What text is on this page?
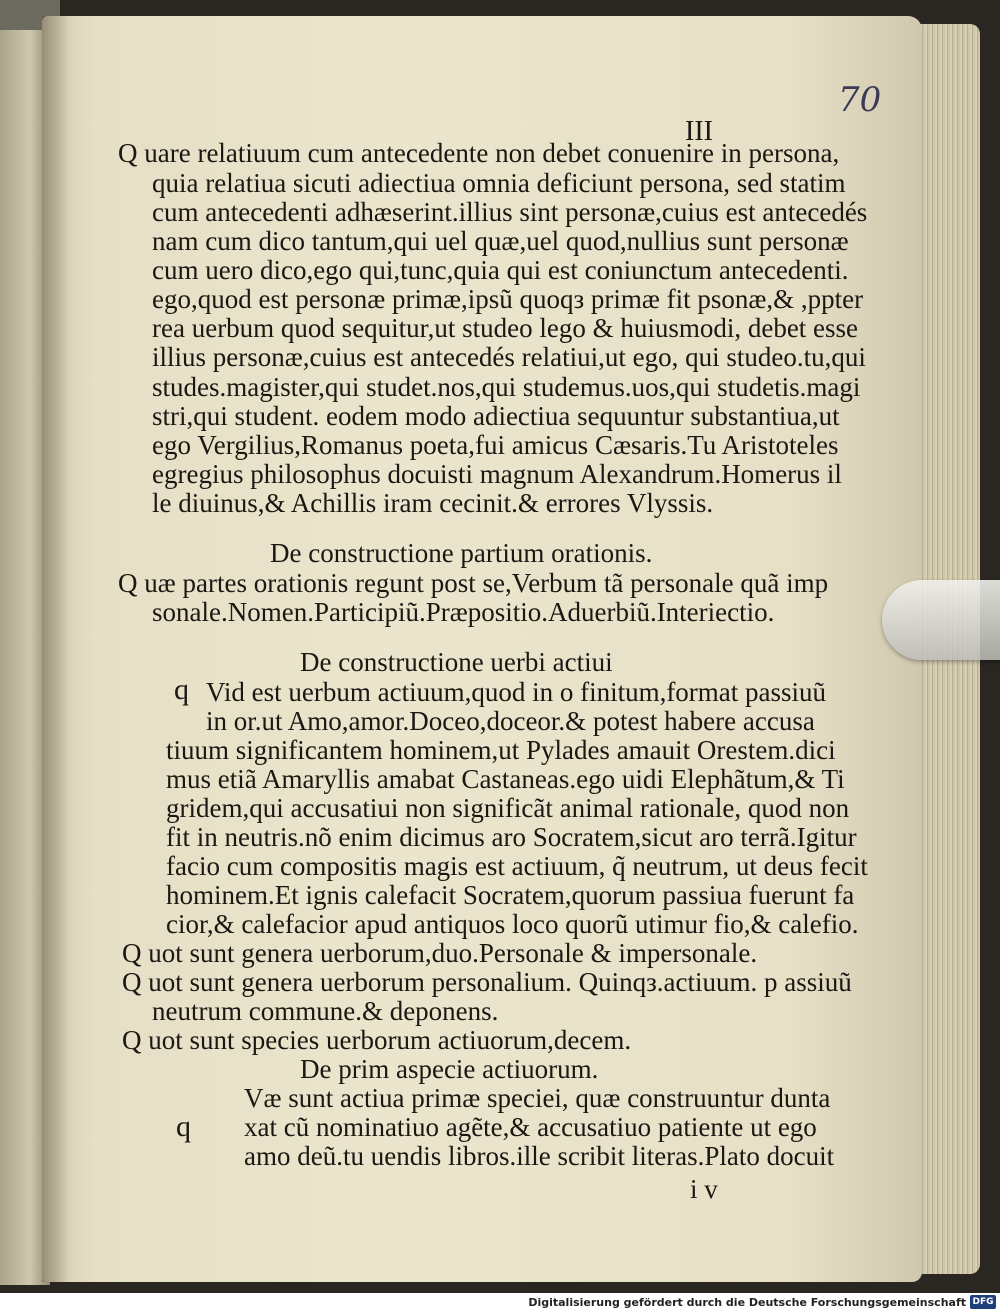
70
III
Q uare relatiuum cum antecedente non debet conuenire in persona,
quia relatiua sicuti adiectiua omnia deficiunt persona, sed statim
cum antecedenti adhæserint.illius sint personæ,cuius est antecedés
nam cum dico tantum,qui uel quæ,uel quod,nullius sunt personæ
cum uero dico,ego qui,tunc,quia qui est coniunctum antecedenti.
ego,quod est personæ primæ,ipsũ quoqз primæ fit psonæ,& ,ppter
rea uerbum quod sequitur,ut studeo lego & huiusmodi, debet esse
illius personæ,cuius est antecedés relatiui,ut ego, qui studeo.tu,qui
studes.magister,qui studet.nos,qui studemus.uos,qui studetis.magi
stri,qui student. eodem modo adiectiua sequuntur substantiua,ut
ego Vergilius,Romanus poeta,fui amicus Cæsaris.Tu Aristoteles
egregius philosophus docuisti magnum Alexandrum.Homerus il
le diuinus,& Achillis iram cecinit.& errores Vlyssis.
De constructione partium orationis.
Q uæ partes orationis regunt post se,Verbum tã personale quã imp
sonale.Nomen.Participiũ.Præpositio.Aduerbiũ.Interiectio.
De constructione uerbi actiui
q Vid est uerbum actiuum,quod in o finitum,format passiuũ
in or.ut Amo,amor.Doceo,doceor.& potest habere accusa
tiuum significantem hominem,ut Pylades amauit Orestem.dici
mus etiã Amaryllis amabat Castaneas.ego uidi Elephãtum,& Ti
gridem,qui accusatiui non significãt animal rationale, quod non
fit in neutris.nõ enim dicimus aro Socratem,sicut aro terrã.Igitur
facio cum compositis magis est actiuum, q̃ neutrum, ut deus fecit
hominem.Et ignis calefacit Socratem,quorum passiua fuerunt fa
cior,& calefacior apud antiquos loco quorũ utimur fio,& calefio.
Q uot sunt genera uerborum,duo.Personale & impersonale.
Q uot sunt genera uerborum personalium. Quinqз.actiuum. p assiuũ
neutrum commune.& deponens.
Q uot sunt species uerborum actiuorum,decem.
De prim aspecie actiuorum.
Væ sunt actiua primæ speciei, quæ construuntur dunta
q xat cũ nominatiuo agẽte,& accusatiuo patiente ut ego
amo deũ.tu uendis libros.ille scribit literas.Plato docuit
i v
Digitalisierung gefördert durch die Deutsche Forschungsgemeinschaft DFG
